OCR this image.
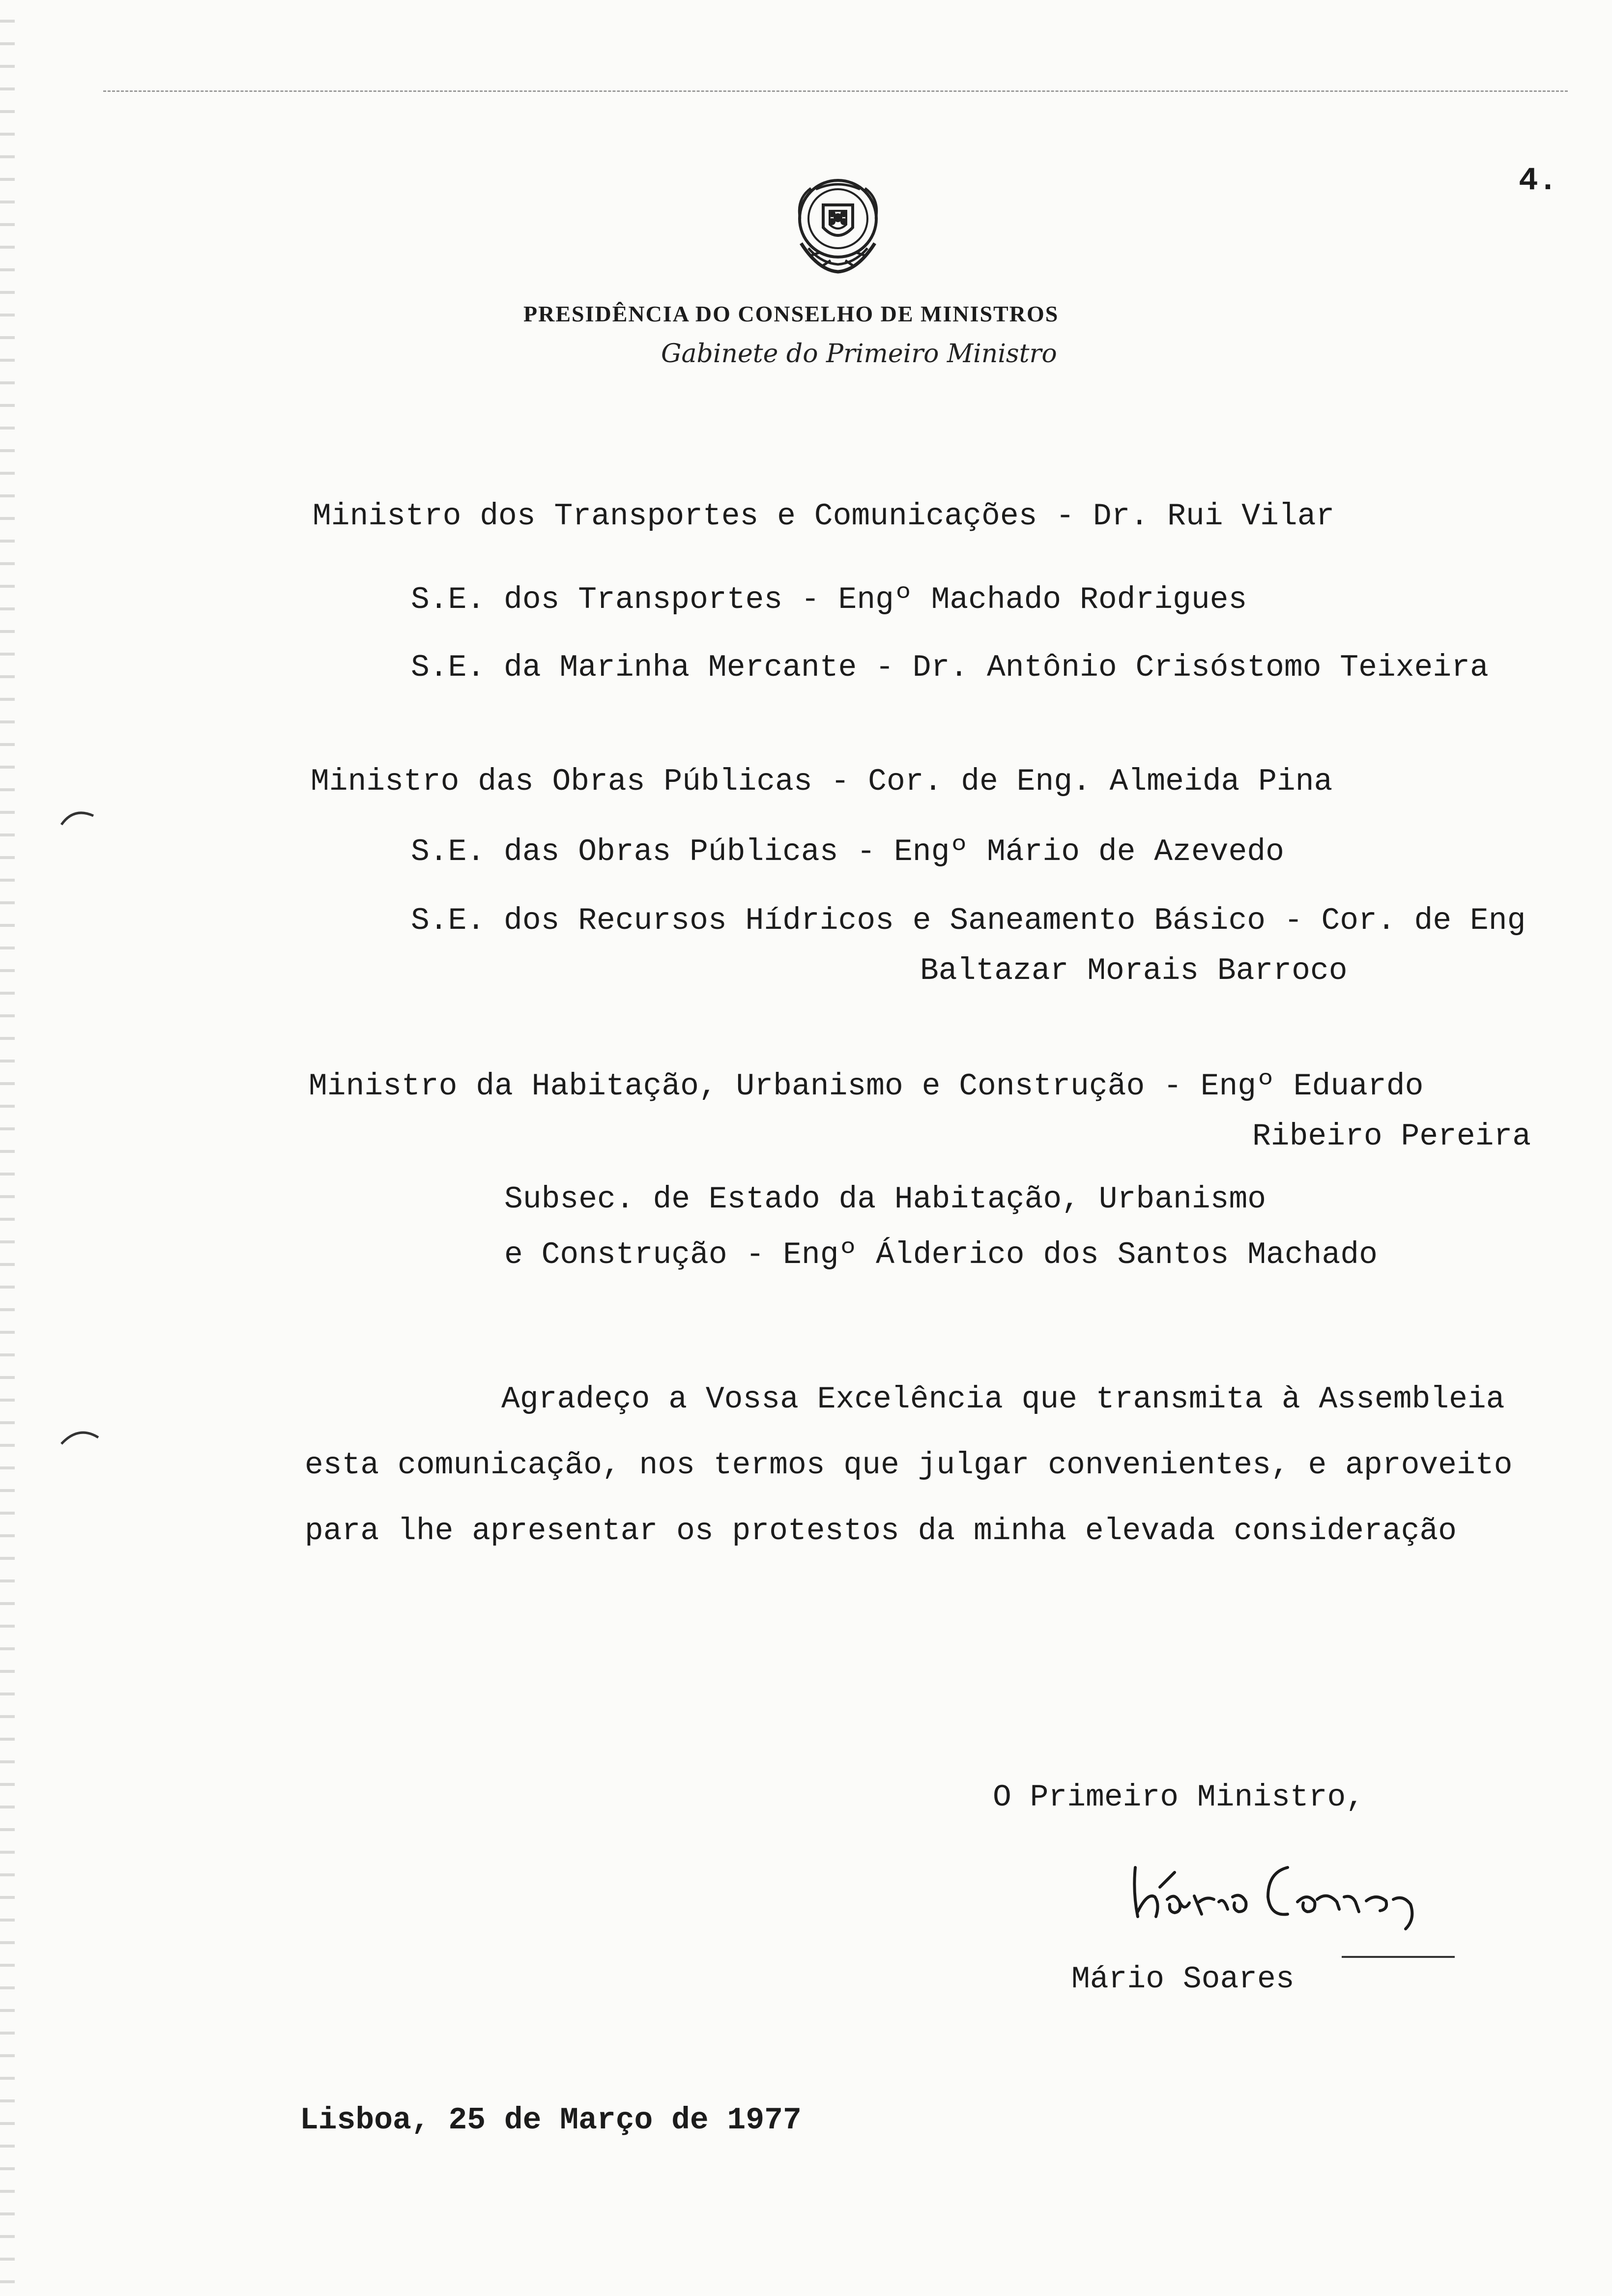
4.
PRESIDÊNCIA DO CONSELHO DE MINISTROS
Gabinete do Primeiro Ministro
Ministro dos Transportes e Comunicações - Dr. Rui Vilar
S.E. dos Transportes - Engº Machado Rodrigues
S.E. da Marinha Mercante - Dr. Antônio Crisóstomo Teixeira
Ministro das Obras Públicas - Cor. de Eng. Almeida Pina
S.E. das Obras Públicas - Engº Mário de Azevedo
S.E. dos Recursos Hídricos e Saneamento Básico - Cor. de Eng
Baltazar Morais Barroco
Ministro da Habitação, Urbanismo e Construção - Engº Eduardo
Ribeiro Pereira
Subsec. de Estado da Habitação, Urbanismo
e Construção - Engº Álderico dos Santos Machado
Agradeço a Vossa Excelência que transmita à Assembleia
esta comunicação, nos termos que julgar convenientes, e aproveito
para lhe apresentar os protestos da minha elevada consideração
O Primeiro Ministro,
Mário Soares
Lisboa, 25 de Março de 1977
